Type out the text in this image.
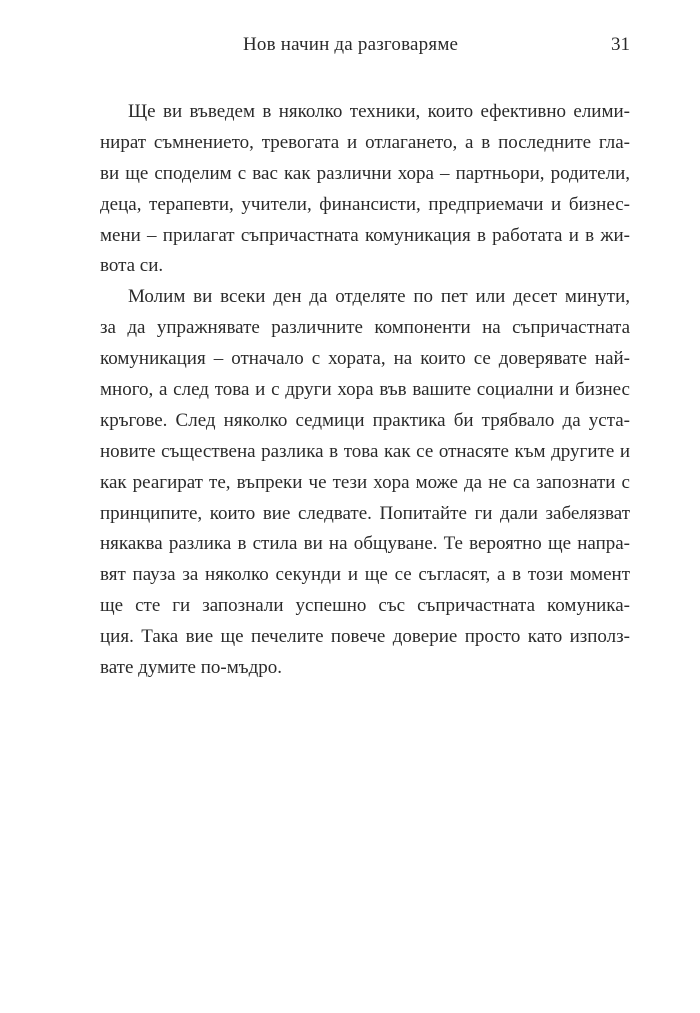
Нов начин да разговаряме	31
Ще ви въведем в няколко техники, които ефективно елими-
нират съмнението, тревогата и отлагането, а в последните гла-
ви ще споделим с вас как различни хора – партньори, родители,
деца, терапевти, учители, финансисти, предприемачи и бизнес-
мени – прилагат съпричастната комуникация в работата и в жи-
вота си.
Молим ви всеки ден да отделяте по пет или десет минути,
за да упражнявате различните компоненти на съпричастната
комуникация – отначало с хората, на които се доверявате най-
много, а след това и с други хора във вашите социални и бизнес
кръгове. След няколко седмици практика би трябвало да уста-
новите съществена разлика в това как се отнасяте към другите и
как реагират те, въпреки че тези хора може да не са запознати с
принципите, които вие следвате. Попитайте ги дали забелязват
някаква разлика в стила ви на общуване. Те вероятно ще напра-
вят пауза за няколко секунди и ще се съгласят, а в този момент
ще сте ги запознали успешно със съпричастната комуника-
ция. Така вие ще печелите повече доверие просто като използ-
вате думите по-мъдро.
